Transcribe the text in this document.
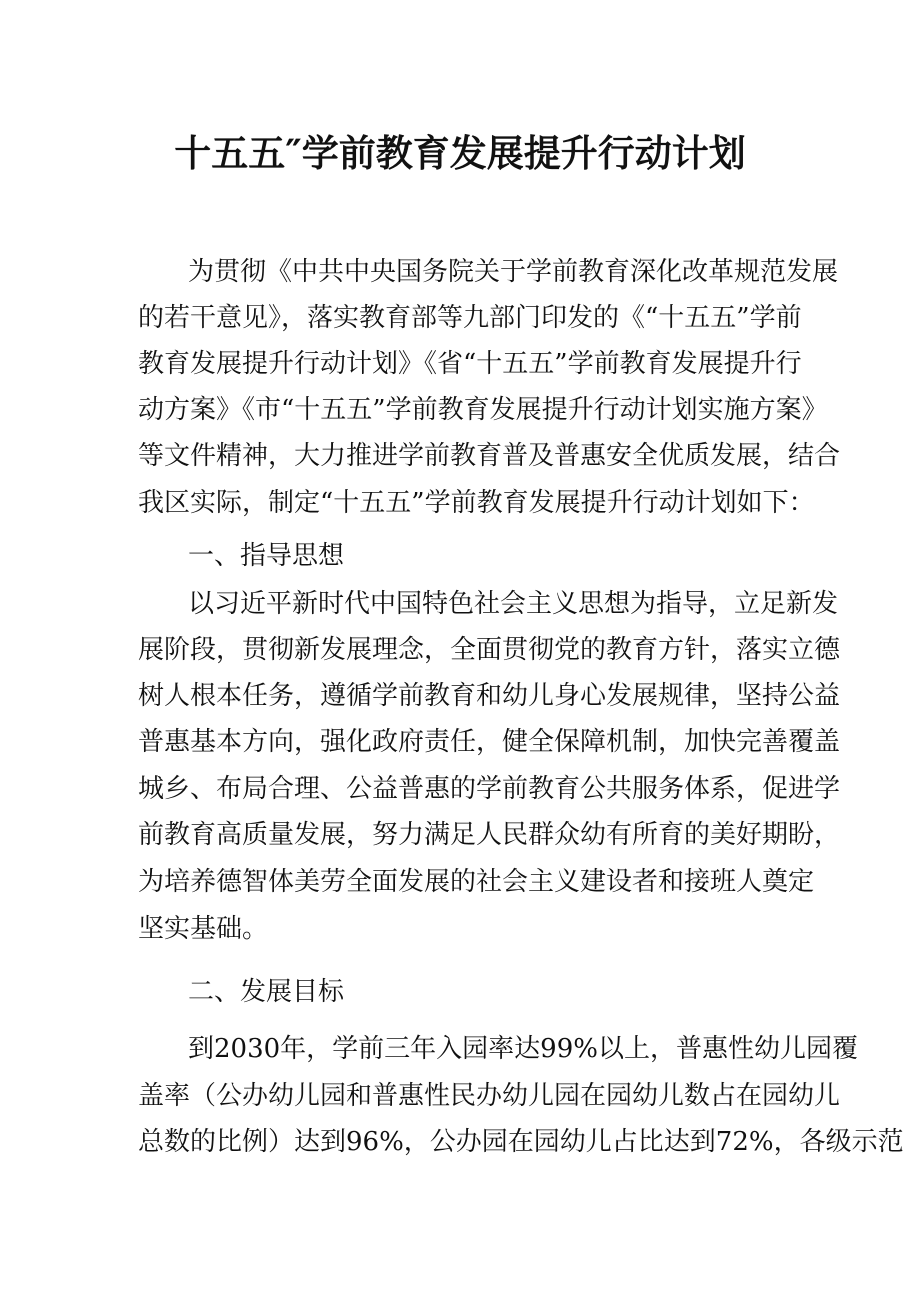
十五五″学前教育发展提升行动计划
为贯彻《中共中央国务院关于学前教育深化改革规范发展
的若干意见》，落实教育部等九部门印发的《“十五五”学前
教育发展提升行动计划》《省“十五五”学前教育发展提升行
动方案》《市“十五五”学前教育发展提升行动计划实施方案》
等文件精神，大力推进学前教育普及普惠安全优质发展，结合
我区实际，制定“十五五”学前教育发展提升行动计划如下：
一、指导思想
以习近平新时代中国特色社会主义思想为指导，立足新发
展阶段，贯彻新发展理念，全面贯彻党的教育方针，落实立德
树人根本任务，遵循学前教育和幼儿身心发展规律，坚持公益
普惠基本方向，强化政府责任，健全保障机制，加快完善覆盖
城乡、布局合理、公益普惠的学前教育公共服务体系，促进学
前教育高质量发展，努力满足人民群众幼有所育的美好期盼，
为培养德智体美劳全面发展的社会主义建设者和接班人奠定
坚实基础。
二、发展目标
到2030年，学前三年入园率达99%以上，普惠性幼儿园覆
盖率（公办幼儿园和普惠性民办幼儿园在园幼儿数占在园幼儿
总数的比例）达到96%，公办园在园幼儿占比达到72%，各级示范
